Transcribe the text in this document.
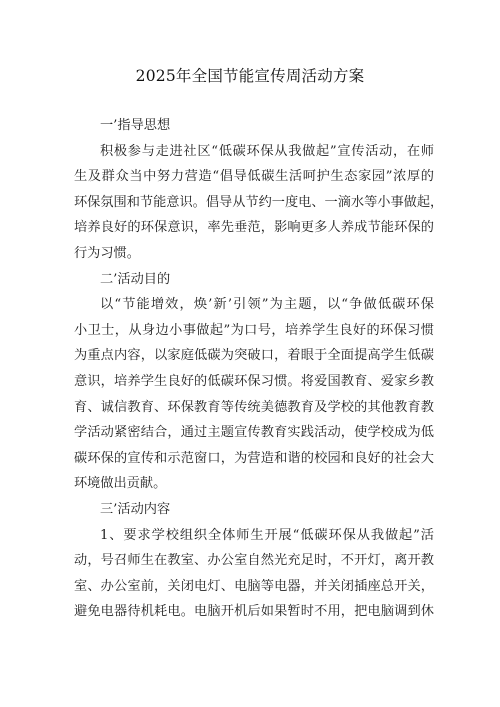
2025年全国节能宣传周活动方案
一’指导思想
积极参与走进社区“低碳环保从我做起”宣传活动，在师
生及群众当中努力营造“倡导低碳生活呵护生态家园”浓厚的
环保氛围和节能意识。倡导从节约一度电、一滴水等小事做起，
培养良好的环保意识，率先垂范，影响更多人养成节能环保的
行为习惯。
二’活动目的
以“节能增效，焕’新’引领”为主题，以“争做低碳环保
小卫士，从身边小事做起”为口号，培养学生良好的环保习惯
为重点内容，以家庭低碳为突破口，着眼于全面提高学生低碳
意识，培养学生良好的低碳环保习惯。将爱国教育、爱家乡教
育、诚信教育、环保教育等传统美德教育及学校的其他教育教
学活动紧密结合，通过主题宣传教育实践活动，使学校成为低
碳环保的宣传和示范窗口，为营造和谐的校园和良好的社会大
环境做出贡献。
三’活动内容
1、要求学校组织全体师生开展“低碳环保从我做起”活
动，号召师生在教室、办公室自然光充足时，不开灯，离开教
室、办公室前，关闭电灯、电脑等电器，并关闭插座总开关，
避免电器待机耗电。电脑开机后如果暂时不用，把电脑调到休
